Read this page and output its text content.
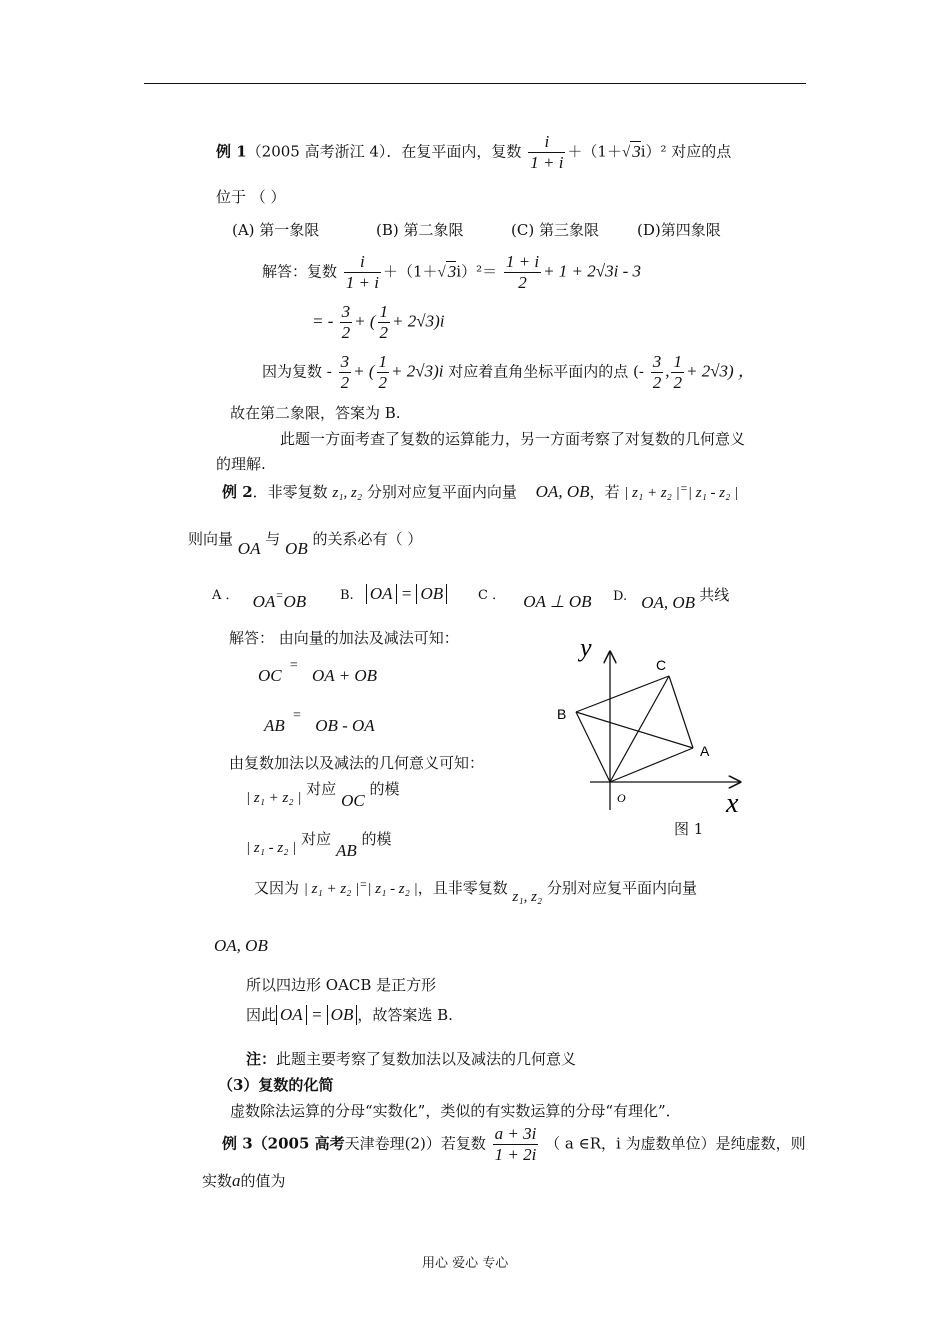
例 1（2005 高考浙江 4）．在复平面内，复数 $\frac{i}{1 + i} +(1+√$ 3i）² 对应的点
位于 （ ）
(A) 第一象限	(B) 第二象限	(C) 第三象限	(D)第四象限
解答：复数 $\frac{i}{1 + i} +(1+√$ $3i)^2= \frac{1 + i}{2} + 1 + 2√3i - 3$
= - $\frac{3}{2}$ + ( $\frac{1}{2} + 2√3)i$
因为复数 - $\frac{3}{2}$ + ( $\frac{1}{2} + 2√3)i$ 对应着直角坐标平面内的点 (- $\frac{3}{2}$ , $\frac{1}{2} + 2√3$) ，
故在第二象限，答案为 B.
此题一方面考查了复数的运算能力，另一方面考察了对复数的几何意义
的理解.
例 2．非零复数 z₁, z₂ 分别对应复平面内向量 OA, OB，若 | z₁ + z₂ |=| z₁ - z₂ |
则向量 OA 与 OB 的关系必有（ ）
A ． OA=OB	B. OA = OB	C ． OA ⊥ OB D. OA, OB 共线
解答： 由向量的加法及减法可知：
OC = OA + OB
AB = OB - OA
由复数加法以及减法的几何意义可知：
| z₁ + z₂ | 对应 OC 的模
| z₁ - z₂ | 对应 AB 的模
又因为 | z₁ + z₂ |=| z₁ - z₂ |，且非零复数 z₁, z₂ 分别对应复平面内向量
OA, OB
所以四边形 OACB 是正方形
因此 OA = OB ，故答案选 B.
注：此题主要考察了复数加法以及减法的几何意义
y
x
O
A
B
C
图 1
（3）复数的化简
虚数除法运算的分母“实数化”，类似的有实数运算的分母“有理化”．
例 3（2005 高考天津卷理(2)）若复数 $\frac{a + 3i}{1 + 2i}$ （ a ∈R，i 为虚数单位）是纯虚数，则
实数a的值为
用心 爱心 专心
